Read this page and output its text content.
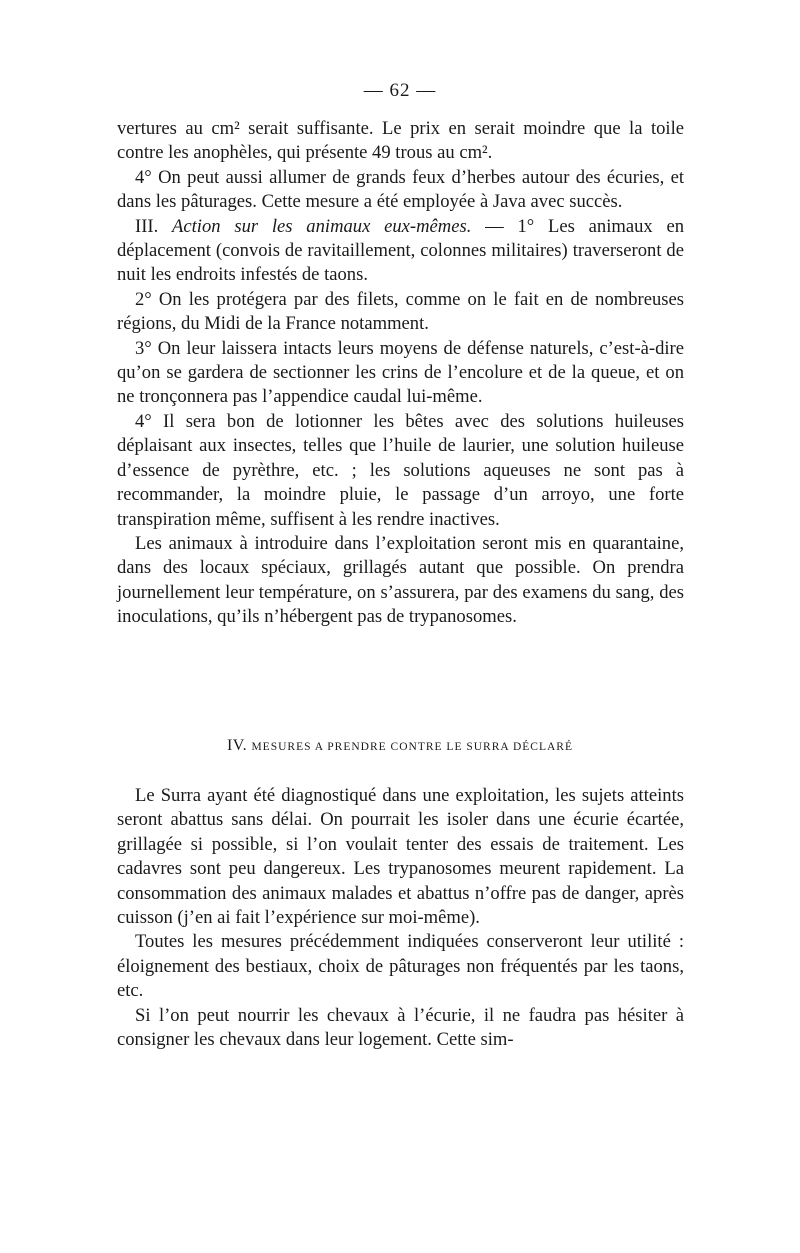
— 62 —

vertures au cm² serait suffisante. Le prix en serait moindre que la toile contre les anophèles, qui présente 49 trous au cm².

4° On peut aussi allumer de grands feux d’herbes autour des écuries, et dans les pâturages. Cette mesure a été employée à Java avec succès.

III. Action sur les animaux eux-mêmes. — 1° Les animaux en déplacement (convois de ravitaillement, colonnes militaires) traverseront de nuit les endroits infestés de taons.

2° On les protégera par des filets, comme on le fait en de nombreuses régions, du Midi de la France notamment.

3° On leur laissera intacts leurs moyens de défense naturels, c’est-à-dire qu’on se gardera de sectionner les crins de l’encolure et de la queue, et on ne tronçonnera pas l’appendice caudal lui-même.

4° Il sera bon de lotionner les bêtes avec des solutions huileuses déplaisant aux insectes, telles que l’huile de laurier, une solution huileuse d’essence de pyrèthre, etc. ; les solutions aqueuses ne sont pas à recommander, la moindre pluie, le passage d’un arroyo, une forte transpiration même, suffisent à les rendre inactives.

Les animaux à introduire dans l’exploitation seront mis en quarantaine, dans des locaux spéciaux, grillagés autant que possible. On prendra journellement leur température, on s’assurera, par des examens du sang, des inoculations, qu’ils n’hébergent pas de trypanosomes.

IV. MESURES A PRENDRE CONTRE LE SURRA DÉCLARÉ

Le Surra ayant été diagnostiqué dans une exploitation, les sujets atteints seront abattus sans délai. On pourrait les isoler dans une écurie écartée, grillagée si possible, si l’on voulait tenter des essais de traitement. Les cadavres sont peu dangereux. Les trypanosomes meurent rapidement. La consommation des animaux malades et abattus n’offre pas de danger, après cuisson (j’en ai fait l’expérience sur moi-même).

Toutes les mesures précédemment indiquées conserveront leur utilité : éloignement des bestiaux, choix de pâturages non fréquentés par les taons, etc.

Si l’on peut nourrir les chevaux à l’écurie, il ne faudra pas hésiter à consigner les chevaux dans leur logement. Cette sim-
